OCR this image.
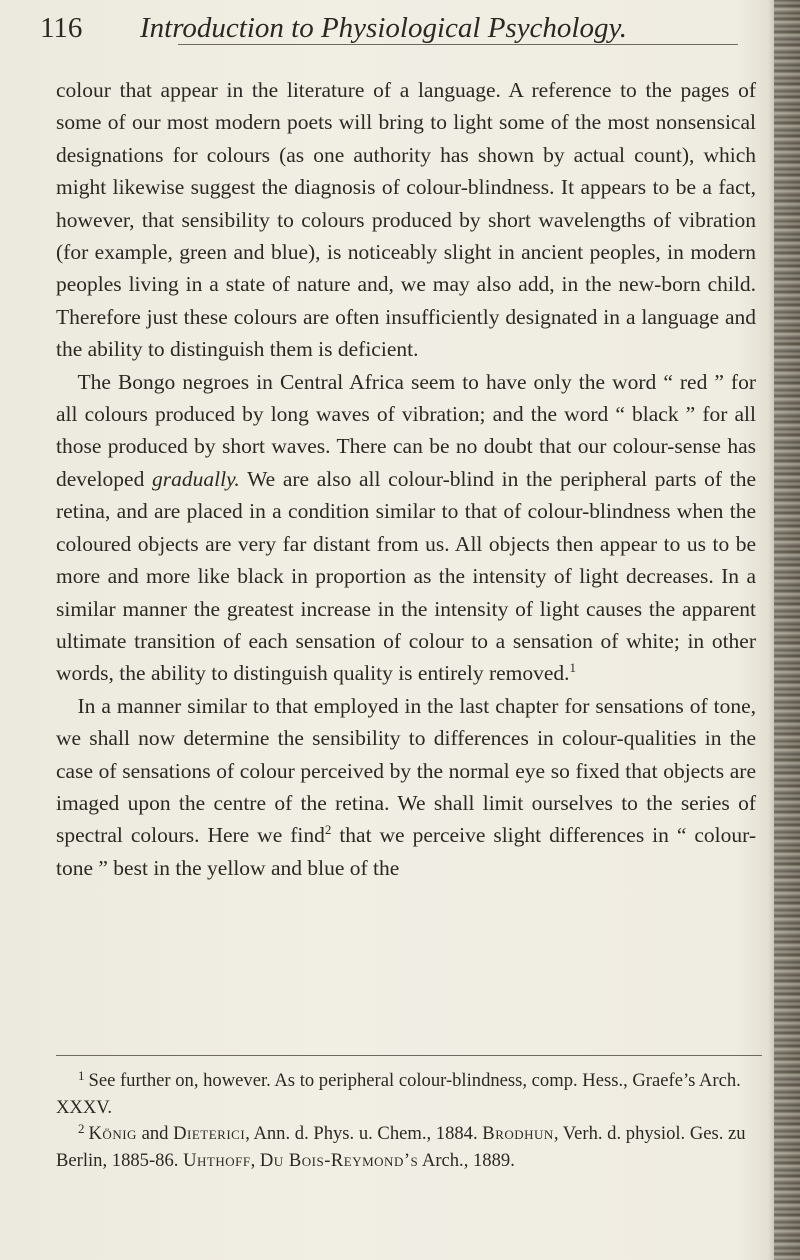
116 Introduction to Physiological Psychology.

colour that appear in the literature of a language. A reference to the pages of some of our most modern poets will bring to light some of the most nonsensical designations for colours (as one authority has shown by actual count), which might likewise suggest the diagnosis of colour-blindness. It appears to be a fact, however, that sensibility to colours produced by short wavelengths of vibration (for example, green and blue), is noticeably slight in ancient peoples, in modern peoples living in a state of nature and, we may also add, in the new-born child. Therefore just these colours are often insufficiently designated in a language and the ability to distinguish them is deficient.

 The Bongo negroes in Central Africa seem to have only the word “ red ” for all colours produced by long waves of vibration; and the word “ black ” for all those produced by short waves. There can be no doubt that our colour-sense has developed gradually. We are also all colour-blind in the peripheral parts of the retina, and are placed in a condition similar to that of colour-blindness when the coloured objects are very far distant from us. All objects then appear to us to be more and more like black in proportion as the intensity of light decreases. In a similar manner the greatest increase in the intensity of light causes the apparent ultimate transition of each sensation of colour to a sensation of white; in other words, the ability to distinguish quality is entirely removed.$^1$

 In a manner similar to that employed in the last chapter for sensations of tone, we shall now determine the sensibility to differences in colour-qualities in the case of sensations of colour perceived by the normal eye so fixed that objects are imaged upon the centre of the retina. We shall limit ourselves to the series of spectral colours. Here we find$^2$ that we perceive slight differences in “ colour-tone ” best in the yellow and blue of the

$^1$ See further on, however. As to peripheral colour-blindness, comp. Hess., Graefe’s Arch. XXXV.

$^2$ König and Dieterici, Ann. d. Phys. u. Chem., 1884. Brodhun, Verh. d. physiol. Ges. zu Berlin, 1885-86. Uhthoff, Du Bois-Reymond’s Arch., 1889.
